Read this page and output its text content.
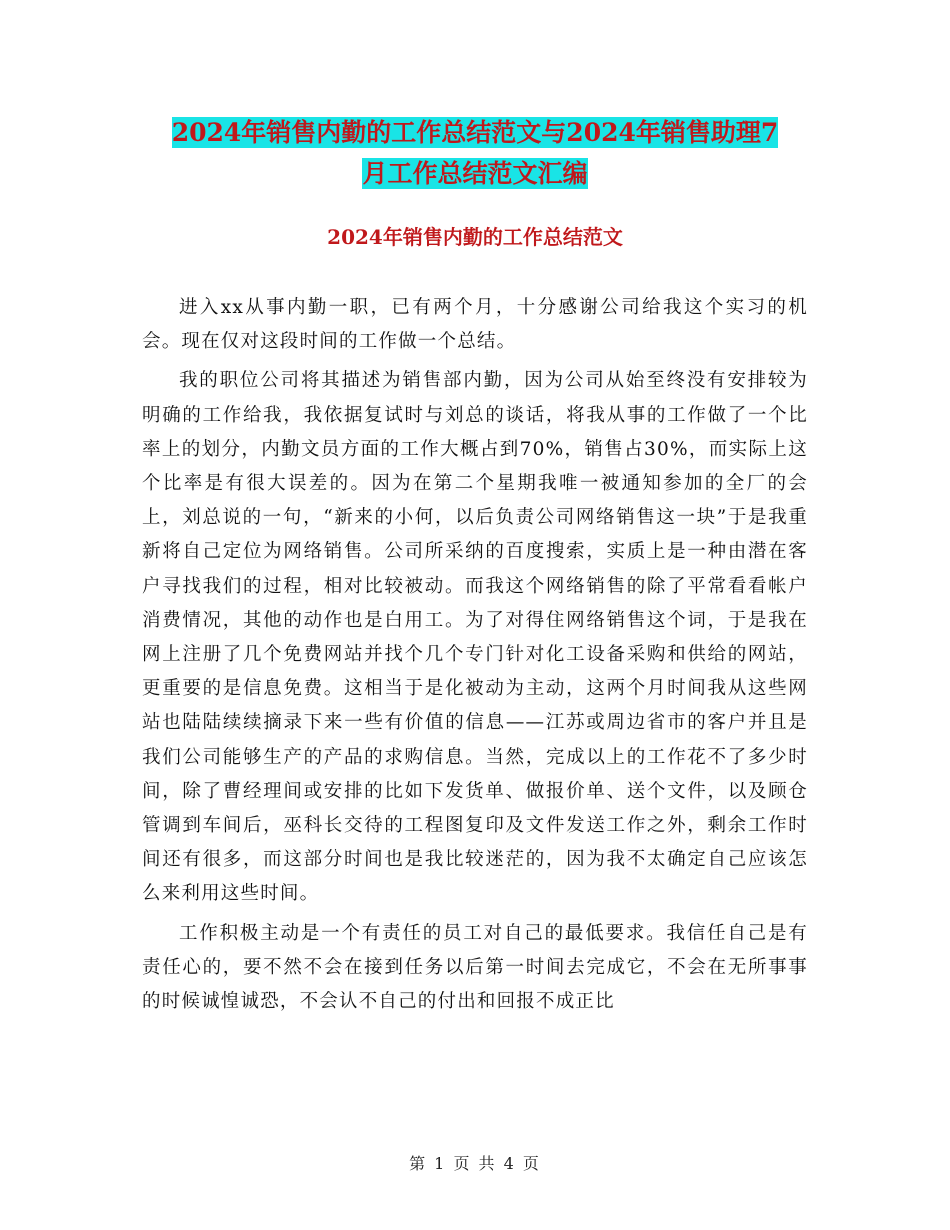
2024年销售内勤的工作总结范文与2024年销售助理7
月工作总结范文汇编
2024年销售内勤的工作总结范文

进入xx从事内勤一职，已有两个月，十分感谢公司给我这个实习的机会。现在仅对这段时间的工作做一个总结。

我的职位公司将其描述为销售部内勤，因为公司从始至终没有安排较为明确的工作给我，我依据复试时与刘总的谈话，将我从事的工作做了一个比率上的划分，内勤文员方面的工作大概占到70%，销售占30%，而实际上这个比率是有很大误差的。因为在第二个星期我唯一被通知参加的全厂的会上，刘总说的一句，“新来的小何，以后负责公司网络销售这一块”于是我重新将自己定位为网络销售。公司所采纳的百度搜索，实质上是一种由潜在客户寻找我们的过程，相对比较被动。而我这个网络销售的除了平常看看帐户消费情况，其他的动作也是白用工。为了对得住网络销售这个词，于是我在网上注册了几个免费网站并找个几个专门针对化工设备采购和供给的网站，更重要的是信息免费。这相当于是化被动为主动，这两个月时间我从这些网站也陆陆续续摘录下来一些有价值的信息——江苏或周边省市的客户并且是我们公司能够生产的产品的求购信息。当然，完成以上的工作花不了多少时间，除了曹经理间或安排的比如下发货单、做报价单、送个文件，以及顾仓管调到车间后，巫科长交待的工程图复印及文件发送工作之外，剩余工作时间还有很多，而这部分时间也是我比较迷茫的，因为我不太确定自己应该怎么来利用这些时间。

工作积极主动是一个有责任的员工对自己的最低要求。我信任自己是有责任心的，要不然不会在接到任务以后第一时间去完成它，不会在无所事事的时候诚惶诚恐，不会认不自己的付出和回报不成正比

第 1 页 共 4 页
